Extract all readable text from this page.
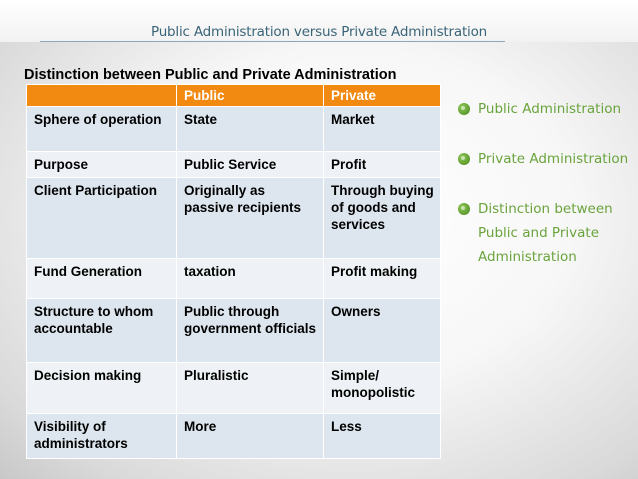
Public Administration versus Private Administration
Distinction between Public and Private Administration
	Public	Private
Sphere of operation	State	Market
Purpose	Public Service	Profit
Client Participation	Originally as passive recipients	Through buying of goods and services
Fund Generation	taxation	Profit making
Structure to whom accountable	Public through government officials	Owners
Decision making	Pluralistic	Simple/ monopolistic
Visibility of administrators	More	Less
Public Administration
Private Administration
Distinction between Public and Private Administration
